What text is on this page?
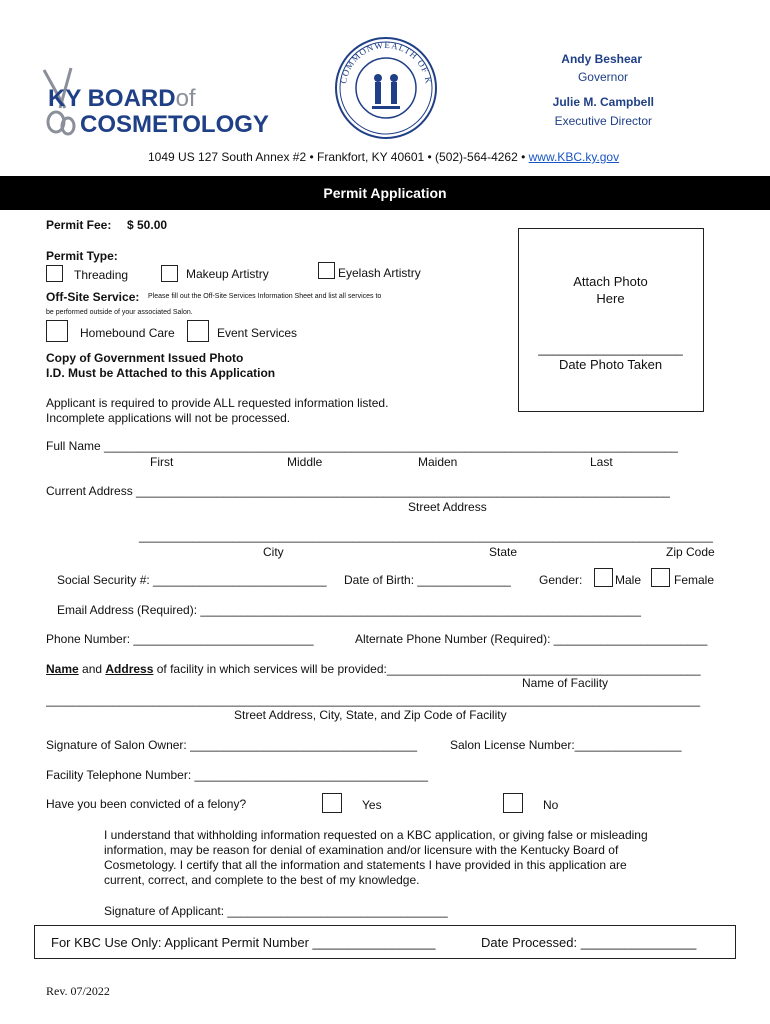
KY BOARDof
COSMETOLOGY
COMMONWEALTH OF K
Andy Beshear
Governor
Julie M. Campbell
Executive Director
1049 US 127 South Annex #2 • Frankfort, KY 40601 • (502)-564-4262 • www.KBC.ky.gov
Permit Application
Permit Fee: $ 50.00
Permit Type:
Threading	Makeup Artistry	Eyelash Artistry
Off-Site Service: Please fill out the Off-Site Services Information Sheet and list all services to
be performed outside of your associated Salon.
Homebound Care	Event Services
Copy of Government Issued Photo
I.D. Must be Attached to this Application
Attach Photo
Here
____________________
Date Photo Taken
Applicant is required to provide ALL requested information listed.
Incomplete applications will not be processed.
Full Name ______________________________________________________________________________________
First	Middle	Maiden	Last
Current Address ________________________________________________________________________________
Street Address
______________________________________________________________________________________
City	State	Zip Code
Social Security #: __________________________ Date of Birth: ______________ Gender:	Male	Female
Email Address (Required): __________________________________________________________________
Phone Number: ___________________________	Alternate Phone Number (Required): _______________________
Name and Address of facility in which services will be provided:_______________________________________________
Name of Facility
__________________________________________________________________________________________________
Street Address, City, State, and Zip Code of Facility
Signature of Salon Owner: __________________________________	Salon License Number:________________
Facility Telephone Number: ___________________________________
Have you been convicted of a felony?	Yes	No
I understand that withholding information requested on a KBC application, or giving false or misleading
information, may be reason for denial of examination and/or licensure with the Kentucky Board of
Cosmetology. I certify that all the information and statements I have provided in this application are
current, correct, and complete to the best of my knowledge.
Signature of Applicant: _________________________________
For KBC Use Only: Applicant Permit Number _________________	Date Processed: ________________
Rev. 07/2022
